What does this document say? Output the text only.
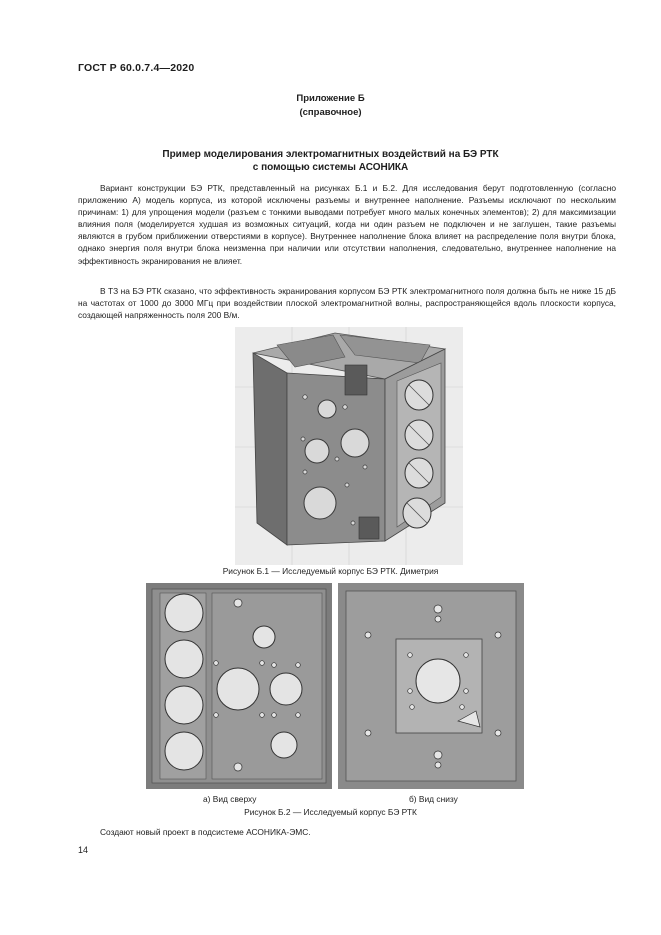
ГОСТ Р 60.0.7.4—2020
Приложение Б
(справочное)
Пример моделирования электромагнитных воздействий на БЭ РТК
с помощью системы АСОНИКА

Вариант конструкции БЭ РТК, представленный на рисунках Б.1 и Б.2. Для исследования берут подготовленную (согласно приложению А) модель корпуса, из которой исключены разъемы и внутреннее наполнение. Разъемы исключают по нескольким причинам: 1) для упрощения модели (разъем с тонкими выводами потребует много малых конечных элементов); 2) для максимизации влияния поля (моделируется худшая из возможных ситуаций, когда ни один разъем не подключен и не заглушен, такие разъемы являются в грубом приближении отверстиями в корпусе). Внутреннее наполнение блока влияет на распределение поля внутри блока, однако энергия поля внутри блока неизменна при наличии или отсутствии наполнения, следовательно, внутреннее наполнение на эффективность экранирования не влияет.

В ТЗ на БЭ РТК сказано, что эффективность экранирования корпусом БЭ РТК электромагнитного поля должна быть не ниже 15 дБ на частотах от 1000 до 3000 МГц при воздействии плоской электромагнитной волны, распространяющейся вдоль плоскости корпуса, создающей напряженность поля 200 В/м.

Рисунок Б.1 — Исследуемый корпус БЭ РТК. Диметрия
а) Вид сверху	б) Вид снизу
Рисунок Б.2 — Исследуемый корпус БЭ РТК
Создают новый проект в подсистеме АСОНИКА-ЭМС.
14
